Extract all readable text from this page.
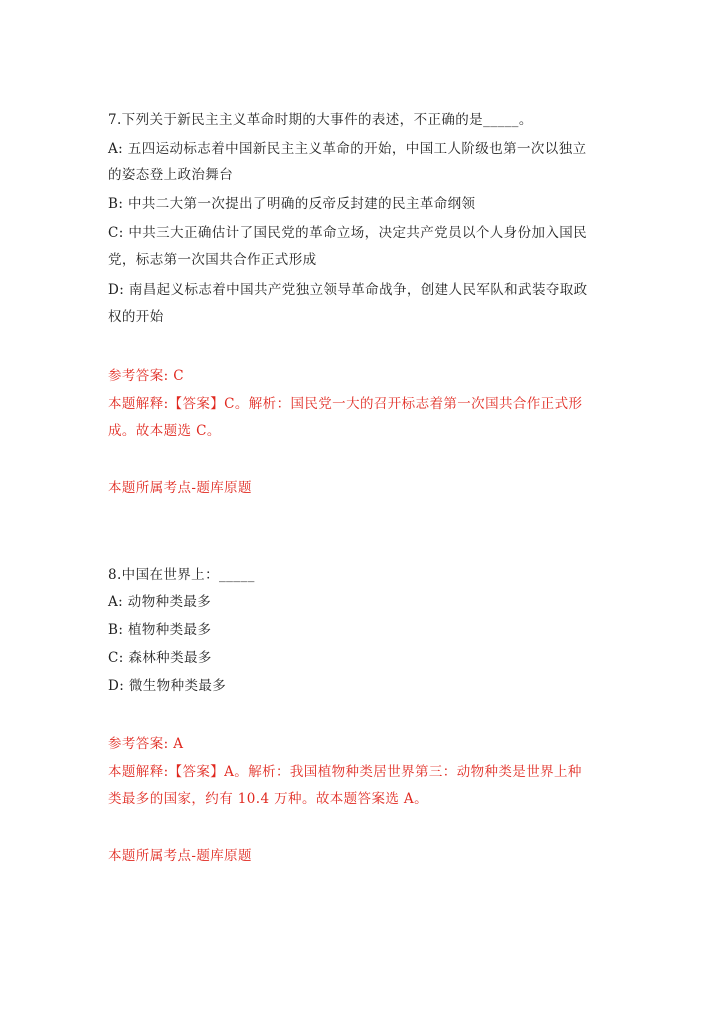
7.下列关于新民主主义革命时期的大事件的表述，不正确的是_____。
A: 五四运动标志着中国新民主主义革命的开始，中国工人阶级也第一次以独立
的姿态登上政治舞台
B: 中共二大第一次提出了明确的反帝反封建的民主革命纲领
C: 中共三大正确估计了国民党的革命立场，决定共产党员以个人身份加入国民
党，标志第一次国共合作正式形成
D: 南昌起义标志着中国共产党独立领导革命战争，创建人民军队和武装夺取政
权的开始
参考答案: C
本题解释:【答案】C。解析：国民党一大的召开标志着第一次国共合作正式形
成。故本题选 C。
本题所属考点-题库原题
8.中国在世界上：_____
A: 动物种类最多
B: 植物种类最多
C: 森林种类最多
D: 微生物种类最多
参考答案: A
本题解释:【答案】A。解析：我国植物种类居世界第三：动物种类是世界上种
类最多的国家，约有 10.4 万种。故本题答案选 A。
本题所属考点-题库原题
